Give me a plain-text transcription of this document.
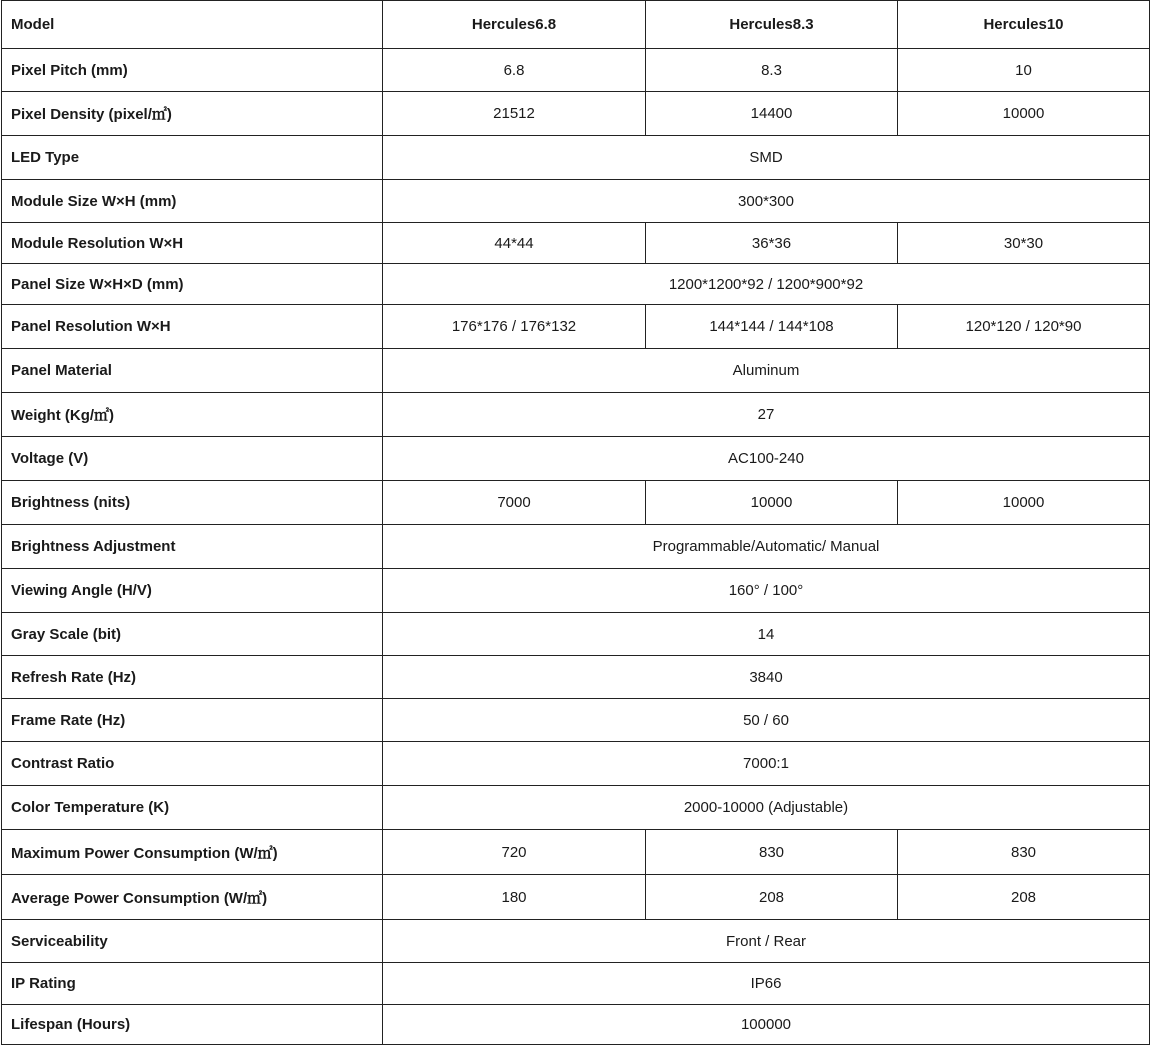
Model	Hercules6.8	Hercules8.3	Hercules10
Pixel Pitch (mm)	6.8	8.3	10
Pixel Density (pixel/㎡)	21512	14400	10000
LED Type	SMD		
Module Size W×H (mm)	300*300		
Module Resolution W×H	44*44	36*36	30*30
Panel Size W×H×D (mm)	1200*1200*92 / 1200*900*92		
Panel Resolution W×H	176*176 / 176*132	144*144 / 144*108	120*120 / 120*90
Panel Material	Aluminum		
Weight (Kg/㎡)	27		
Voltage (V)	AC100-240		
Brightness (nits)	7000	10000	10000
Brightness Adjustment	Programmable/Automatic/ Manual		
Viewing Angle (H/V)	160° / 100°		
Gray Scale (bit)	14		
Refresh Rate (Hz)	3840		
Frame Rate (Hz)	50 / 60		
Contrast Ratio	7000:1		
Color Temperature (K)	2000-10000 (Adjustable)		
Maximum Power Consumption (W/㎡)	720	830	830
Average Power Consumption (W/㎡)	180	208	208
Serviceability	Front / Rear		
IP Rating	IP66		
Lifespan (Hours)	100000		
